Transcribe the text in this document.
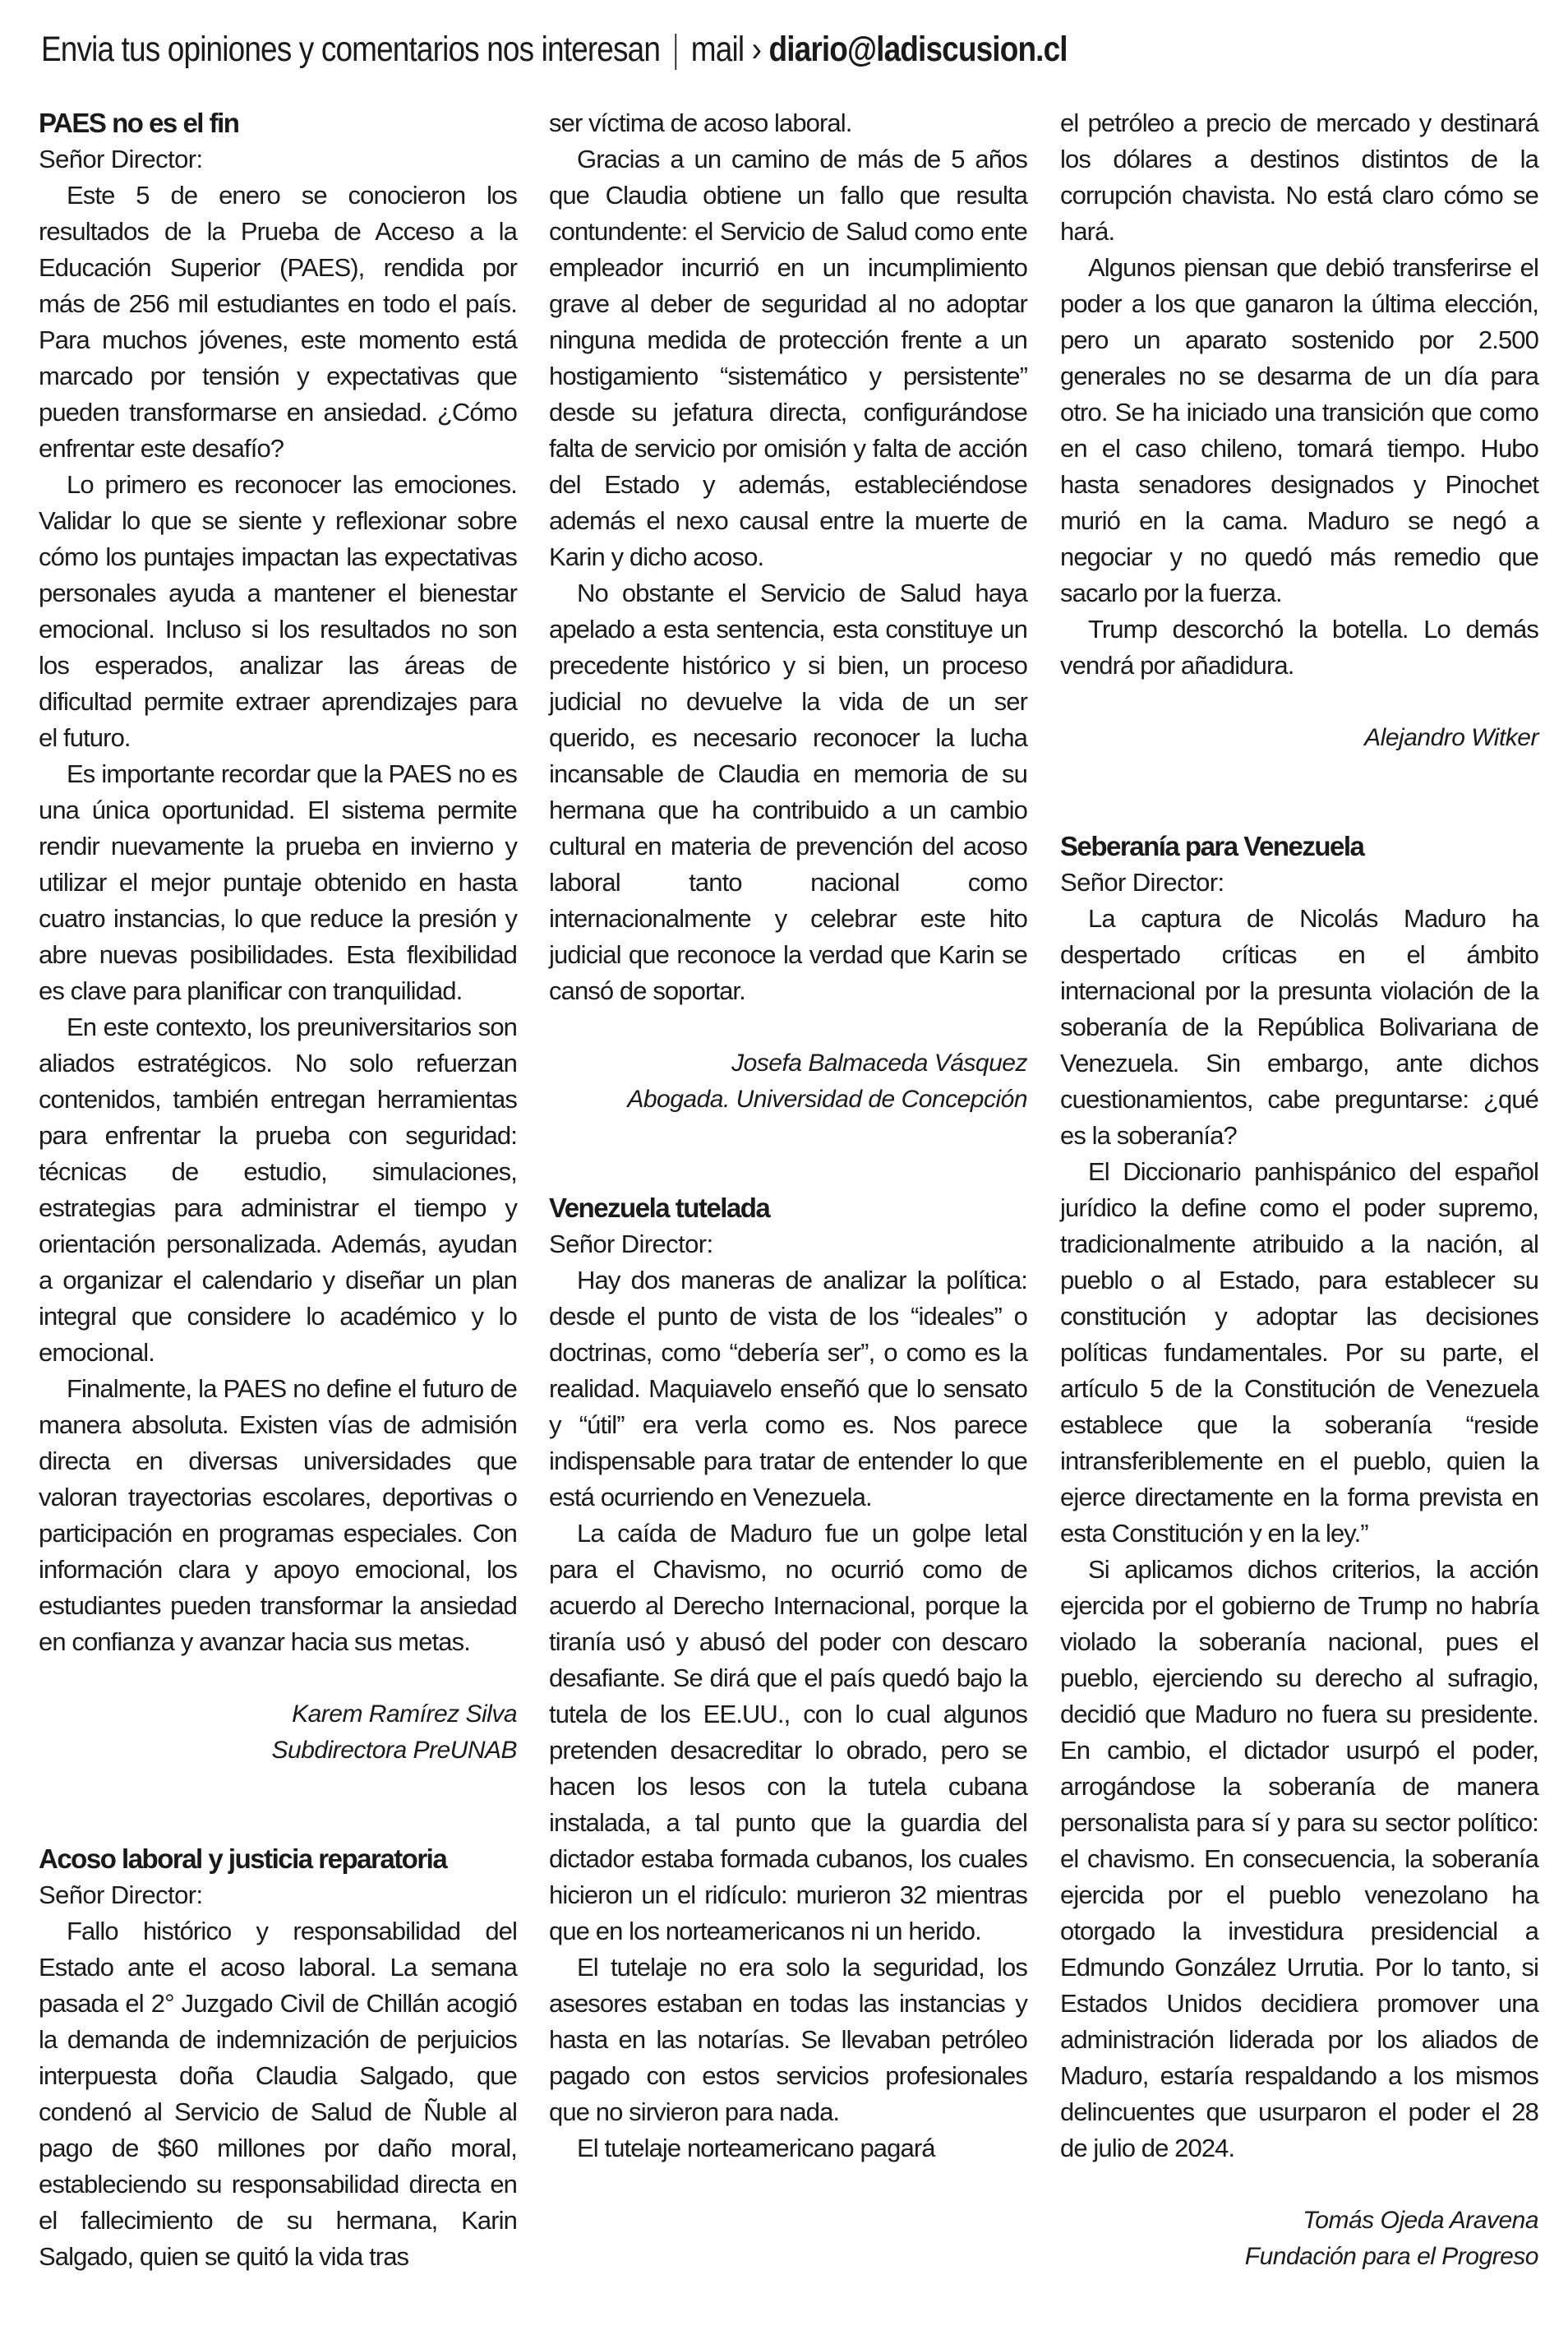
Envia tus opiniones y comentarios nos interesan mail › diario@ladiscusion.cl
PAES no es el fin
Señor Director:

Este 5 de enero se conocieron los resultados de la Prueba de Acceso a la Educación Superior (PAES), rendida por más de 256 mil estudiantes en todo el país. Para muchos jóvenes, este momento está marcado por tensión y expectativas que pueden transformarse en ansiedad. ¿Cómo enfrentar este desafío?

Lo primero es reconocer las emociones. Validar lo que se siente y reflexionar sobre cómo los puntajes impactan las expectativas personales ayuda a mantener el bienestar emocional. Incluso si los resultados no son los esperados, analizar las áreas de dificultad permite extraer aprendizajes para el futuro.

Es importante recordar que la PAES no es una única oportunidad. El sistema permite rendir nuevamente la prueba en invierno y utilizar el mejor puntaje obtenido en hasta cuatro instancias, lo que reduce la presión y abre nuevas posibilidades. Esta flexibilidad es clave para planificar con tranquilidad.

En este contexto, los preuniversitarios son aliados estratégicos. No solo refuerzan contenidos, también entregan herramientas para enfrentar la prueba con seguridad: técnicas de estudio, simulaciones, estrategias para administrar el tiempo y orientación personalizada. Además, ayudan a organizar el calendario y diseñar un plan integral que considere lo académico y lo emocional.

Finalmente, la PAES no define el futuro de manera absoluta. Existen vías de admisión directa en diversas universidades que valoran trayectorias escolares, deportivas o participación en programas especiales. Con información clara y apoyo emocional, los estudiantes pueden transformar la ansiedad en confianza y avanzar hacia sus metas.

Karem Ramírez Silva
Subdirectora PreUNAB
Acoso laboral y justicia reparatoria
Señor Director:

Fallo histórico y responsabilidad del Estado ante el acoso laboral. La semana pasada el 2° Juzgado Civil de Chillán acogió la demanda de indemnización de perjuicios interpuesta doña Claudia Salgado, que condenó al Servicio de Salud de Ñuble al pago de $60 millones por daño moral, estableciendo su responsabilidad directa en el fallecimiento de su hermana, Karin Salgado, quien se quitó la vida tras

ser víctima de acoso laboral.

Gracias a un camino de más de 5 años que Claudia obtiene un fallo que resulta contundente: el Servicio de Salud como ente empleador incurrió en un incumplimiento grave al deber de seguridad al no adoptar ninguna medida de protección frente a un hostigamiento “sistemático y persistente” desde su jefatura directa, configurándose falta de servicio por omisión y falta de acción del Estado y además, estableciéndose además el nexo causal entre la muerte de Karin y dicho acoso.

No obstante el Servicio de Salud haya apelado a esta sentencia, esta constituye un precedente histórico y si bien, un proceso judicial no devuelve la vida de un ser querido, es necesario reconocer la lucha incansable de Claudia en memoria de su hermana que ha contribuido a un cambio cultural en materia de prevención del acoso laboral tanto nacional como internacionalmente y celebrar este hito judicial que reconoce la verdad que Karin se cansó de soportar.

Josefa Balmaceda Vásquez
Abogada. Universidad de Concepción
Venezuela tutelada
Señor Director:

Hay dos maneras de analizar la política: desde el punto de vista de los “ideales” o doctrinas, como “debería ser”, o como es la realidad. Maquiavelo enseñó que lo sensato y “útil” era verla como es. Nos parece indispensable para tratar de entender lo que está ocurriendo en Venezuela.

La caída de Maduro fue un golpe letal para el Chavismo, no ocurrió como de acuerdo al Derecho Internacional, porque la tiranía usó y abusó del poder con descaro desafiante. Se dirá que el país quedó bajo la tutela de los EE.UU., con lo cual algunos pretenden desacreditar lo obrado, pero se hacen los lesos con la tutela cubana instalada, a tal punto que la guardia del dictador estaba formada cubanos, los cuales hicieron un el ridículo: murieron 32 mientras que en los norteamericanos ni un herido.

El tutelaje no era solo la seguridad, los asesores estaban en todas las instancias y hasta en las notarías. Se llevaban petróleo pagado con estos servicios profesionales que no sirvieron para nada.

El tutelaje norteamericano pagará

el petróleo a precio de mercado y destinará los dólares a destinos distintos de la corrupción chavista. No está claro cómo se hará.

Algunos piensan que debió transferirse el poder a los que ganaron la última elección, pero un aparato sostenido por 2.500 generales no se desarma de un día para otro. Se ha iniciado una transición que como en el caso chileno, tomará tiempo. Hubo hasta senadores designados y Pinochet murió en la cama. Maduro se negó a negociar y no quedó más remedio que sacarlo por la fuerza.

Trump descorchó la botella. Lo demás vendrá por añadidura.

Alejandro Witker
Seberanía para Venezuela
Señor Director:

La captura de Nicolás Maduro ha despertado críticas en el ámbito internacional por la presunta violación de la soberanía de la República Bolivariana de Venezuela. Sin embargo, ante dichos cuestionamientos, cabe preguntarse: ¿qué es la soberanía?

El Diccionario panhispánico del español jurídico la define como el poder supremo, tradicionalmente atribuido a la nación, al pueblo o al Estado, para establecer su constitución y adoptar las decisiones políticas fundamentales. Por su parte, el artículo 5 de la Constitución de Venezuela establece que la soberanía “reside intransferiblemente en el pueblo, quien la ejerce directamente en la forma prevista en esta Constitución y en la ley.”

Si aplicamos dichos criterios, la acción ejercida por el gobierno de Trump no habría violado la soberanía nacional, pues el pueblo, ejerciendo su derecho al sufragio, decidió que Maduro no fuera su presidente. En cambio, el dictador usurpó el poder, arrogándose la soberanía de manera personalista para sí y para su sector político: el chavismo. En consecuencia, la soberanía ejercida por el pueblo venezolano ha otorgado la investidura presidencial a Edmundo González Urrutia. Por lo tanto, si Estados Unidos decidiera promover una administración liderada por los aliados de Maduro, estaría respaldando a los mismos delincuentes que usurparon el poder el 28 de julio de 2024.

Tomás Ojeda Aravena
Fundación para el Progreso
